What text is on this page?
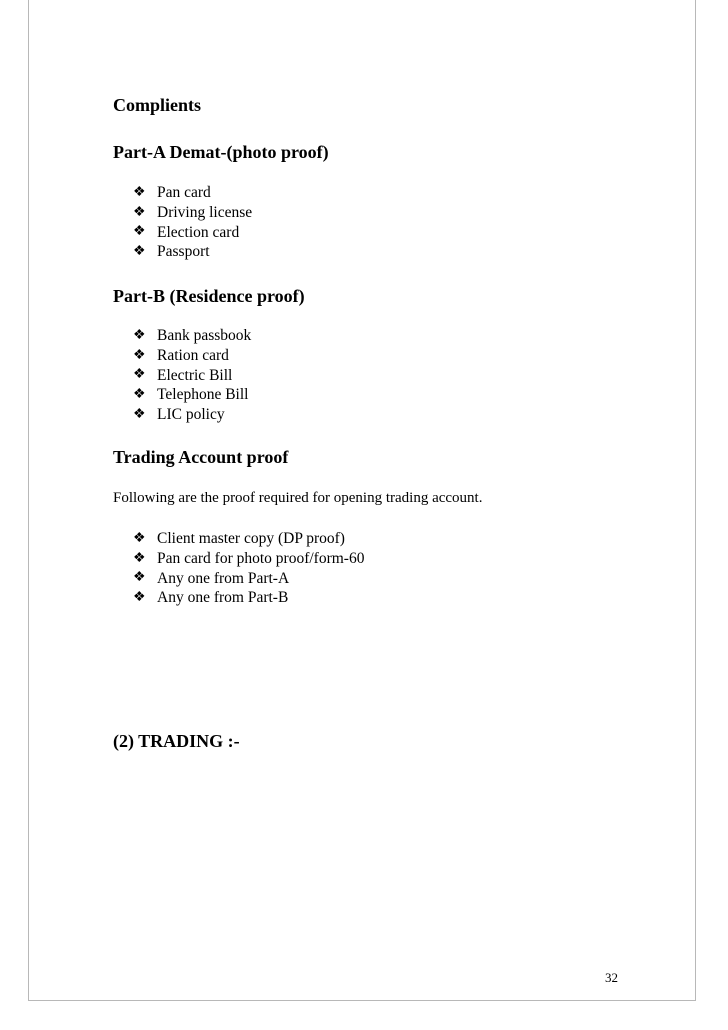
Complients
Part-A Demat-(photo proof)
❖ Pan card
❖ Driving license
❖ Election card
❖ Passport
Part-B (Residence proof)
❖ Bank passbook
❖ Ration card
❖ Electric Bill
❖ Telephone Bill
❖ LIC policy
Trading Account proof
Following are the proof required for opening trading account.
❖ Client master copy (DP proof)
❖ Pan card for photo proof/form-60
❖ Any one from Part-A
❖ Any one from Part-B
(2) TRADING :-
32
